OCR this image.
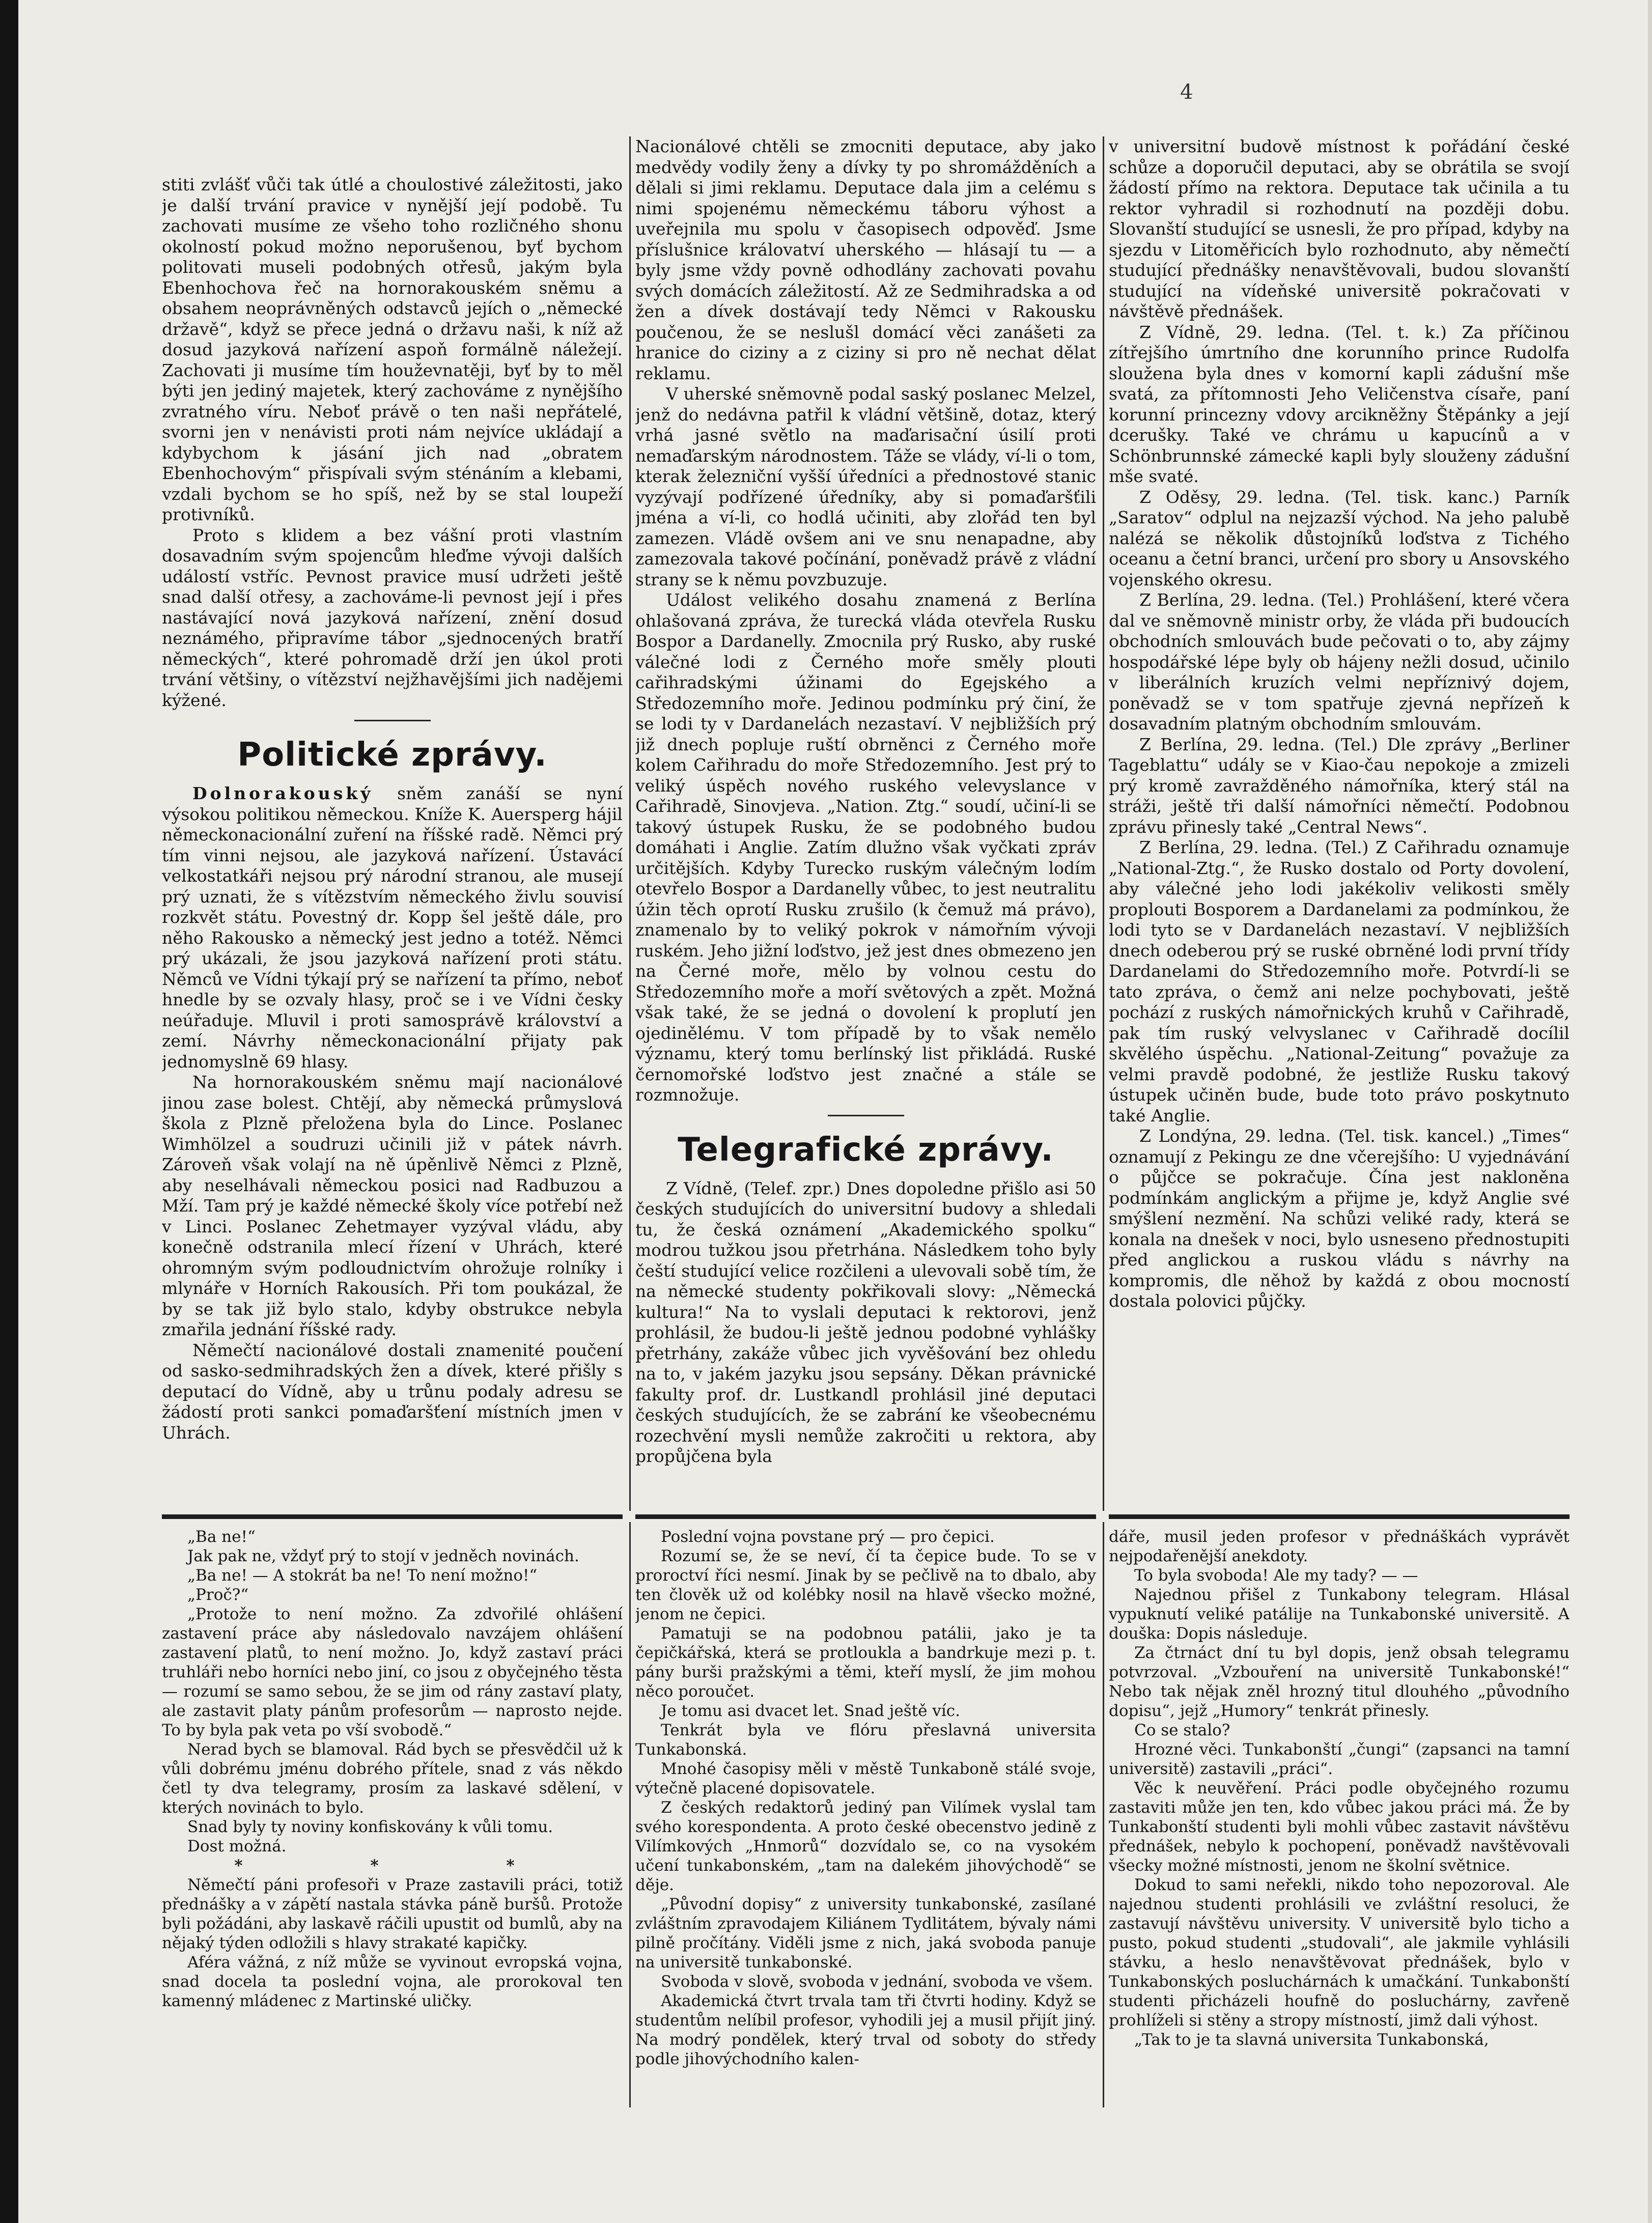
4

stiti zvlášť vůči tak útlé a choulostivé záležitosti, jako je další trvání pravice v nynější její podobě. Tu zachovati musíme ze všeho toho rozličného shonu okolností pokud možno neporušenou, byť bychom politovati museli podobných otřesů, jakým byla Ebenhochova řeč na hornorakouském sněmu a obsahem neoprávněných odstavců jejích o „německé državě“, když se přece jedná o državu naši, k níž až dosud jazyková nařízení aspoň formálně náležejí. Zachovati ji musíme tím houževnatěji, byť by to měl býti jen jediný majetek, který zachováme z nynějšího zvratného víru. Neboť právě o ten naši nepřátelé, svorni jen v nenávisti proti nám nejvíce ukládají a kdybychom k jásání jich nad „obratem Ebenhochovým“ přispívali svým sténáním a klebami, vzdali bychom se ho spíš, než by se stal loupeží protivníků.

Proto s klidem a bez vášní proti vlastním dosavadním svým spojencům hleďme vývoji dalších událostí vstříc. Pevnost pravice musí udržeti ještě snad další otřesy, a zachováme-li pevnost její i přes nastávající nová jazyková nařízení, znění dosud neznámého, připravíme tábor „sjednocených bratří německých“, které pohromadě drží jen úkol proti trvání většiny, o vítězství nejžhavějšími jich nadějemi kýžené.

Politické zprávy.

Dolnorakouský sněm zanáší se nyní výsokou politikou německou. Kníže K. Auersperg hájil německonacionální zuření na říšské radě. Němci prý tím vinni nejsou, ale jazyková nařízení. Ústavácí velkostatkáři nejsou prý národní stranou, ale musejí prý uznati, že s vítězstvím německého živlu souvisí rozkvět státu. Povestný dr. Kopp šel ještě dále, pro něho Rakousko a německý jest jedno a totéž. Němci prý ukázali, že jsou jazyková nařízení proti státu. Němců ve Vídni týkají prý se nařízení ta přímo, neboť hnedle by se ozvaly hlasy, proč se i ve Vídni česky neúřaduje. Mluvil i proti samosprávě království a zemí. Návrhy německonacionální přijaty pak jednomyslně 69 hlasy.

Na hornorakouském sněmu mají nacionálové jinou zase bolest. Chtějí, aby německá průmyslová škola z Plzně přeložena byla do Lince. Poslanec Wimhölzel a soudruzi učinili již v pátek návrh. Zároveň však volají na ně úpěnlivě Němci z Plzně, aby neselhávali německou posici nad Radbuzou a Mží. Tam prý je každé německé školy více potřebí než v Linci. Poslanec Zehetmayer vyzýval vládu, aby konečně odstranila mlecí řízení v Uhrách, které ohromným svým podloudnictvím ohrožuje rolníky i mlynáře v Horních Rakousích. Při tom poukázal, že by se tak již bylo stalo, kdyby obstrukce nebyla zmařila jednání říšské rady.

Němečtí nacionálové dostali znamenité poučení od sasko-sedmihradských žen a dívek, které přišly s deputací do Vídně, aby u trůnu podaly adresu se žádostí proti sankci pomaďaršťení místních jmen v Uhrách.

Nacionálové chtěli se zmocniti deputace, aby jako medvědy vodily ženy a dívky ty po shromážděních a dělali si jimi reklamu. Deputace dala jim a celému s nimi spojenému německému táboru výhost a uveřejnila mu spolu v časopisech odpověď. Jsme příslušnice královatví uherského — hlásají tu — a byly jsme vždy povně odhodlány zachovati povahu svých domácích záležitostí. Až ze Sedmihradska a od žen a dívek dostávají tedy Němci v Rakousku poučenou, že se neslušl domácí věci zanášeti za hranice do ciziny a z ciziny si pro ně nechat dělat reklamu.

V uherské sněmovně podal saský poslanec Melzel, jenž do nedávna patřil k vládní většině, dotaz, který vrhá jasné světlo na maďarisační úsilí proti nemaďarským národnostem. Táže se vlády, ví-li o tom, kterak železniční vyšší úředníci a přednostové stanic vyzývají podřízené úředníky, aby si pomaďaršťili jména a ví-li, co hodlá učiniti, aby zlořád ten byl zamezen. Vládě ovšem ani ve snu nenapadne, aby zamezovala takové počínání, poněvadž právě z vládní strany se k němu povzbuzuje.

Událost velikého dosahu znamená z Berlína ohlašovaná zpráva, že turecká vláda otevřela Rusku Bospor a Dardanelly. Zmocnila prý Rusko, aby ruské válečné lodi z Černého moře směly plouti cařihradskými úžinami do Egejského a Středozemního moře. Jedinou podmínku prý činí, že se lodi ty v Dardanelách nezastaví. V nejbližších prý již dnech popluje ruští obrněnci z Černého moře kolem Cařihradu do moře Středozemního. Jest prý to veliký úspěch nového ruského velevyslance v Cařihradě, Sinovjeva. „Nation. Ztg.“ soudí, učiní-li se takový ústupek Rusku, že se podobného budou domáhati i Anglie. Zatím dlužno však vyčkati zpráv určitějších. Kdyby Turecko ruským válečným lodím otevřelo Bospor a Dardanelly vůbec, to jest neutralitu úžin těch oprotí Rusku zrušilo (k čemuž má právo), znamenalo by to veliký pokrok v námořním vývoji ruském. Jeho jižní loďstvo, jež jest dnes obmezeno jen na Černé moře, mělo by volnou cestu do Středozemního moře a moří světových a zpět. Možná však také, že se jedná o dovolení k proplutí jen ojedinělému. V tom případě by to však nemělo významu, který tomu berlínský list přikládá. Ruské černomořské loďstvo jest značné a stále se rozmnožuje.

Telegrafické zprávy.

Z Vídně, (Telef. zpr.) Dnes dopoledne přišlo asi 50 českých studujících do universitní budovy a shledali tu, že česká oznámení „Akademického spolku“ modrou tužkou jsou přetrhána. Následkem toho byly čeští studující velice rozčileni a ulevovali sobě tím, že na německé studenty pokřikovali slovy: „Německá kultura!“ Na to vyslali deputaci k rektorovi, jenž prohlásil, že budou-li ještě jednou podobné vyhlášky přetrhány, zakáže vůbec jich vyvěšování bez ohledu na to, v jakém jazyku jsou sepsány. Děkan právnické fakulty prof. dr. Lustkandl prohlásil jiné deputaci českých studujících, že se zabrání ke všeobecnému rozechvění mysli nemůže zakročiti u rektora, aby propůjčena byla

v universitní budově místnost k pořádání české schůze a doporučil deputaci, aby se obrátila se svojí žádostí přímo na rektora. Deputace tak učinila a tu rektor vyhradil si rozhodnutí na později dobu. Slovanští studující se usnesli, že pro případ, kdyby na sjezdu v Litoměřicích bylo rozhodnuto, aby němečtí studující přednášky nenavštěvovali, budou slovanští studující na vídeňské universitě pokračovati v návštěvě přednášek.

Z Vídně, 29. ledna. (Tel. t. k.) Za příčinou zítřejšího úmrtního dne korunního prince Rudolfa sloužena byla dnes v komorní kapli zádušní mše svatá, za přítomnosti Jeho Veličenstva císaře, paní korunní princezny vdovy arcikněžny Štěpánky a její dcerušky. Také ve chrámu u kapucínů a v Schönbrunnské zámecké kapli byly slouženy zádušní mše svaté.

Z Oděsy, 29. ledna. (Tel. tisk. kanc.) Parník „Saratov“ odplul na nejzazší východ. Na jeho palubě nalézá se několik důstojníků loďstva z Tichého oceanu a četní branci, určení pro sbory u Ansovského vojenského okresu.

Z Berlína, 29. ledna. (Tel.) Prohlášení, které včera dal ve sněmovně ministr orby, že vláda při budoucích obchodních smlouvách bude pečovati o to, aby zájmy hospodářské lépe byly ob hájeny nežli dosud, učinilo v liberálních kruzích velmi nepříznivý dojem, poněvadž se v tom spatřuje zjevná nepřízeň k dosavadním platným obchodním smlouvám.

Z Berlína, 29. ledna. (Tel.) Dle zprávy „Berliner Tageblattu“ udály se v Kiao-čau nepokoje a zmizeli prý kromě zavražděného námořníka, který stál na stráži, ještě tři další námořníci němečtí. Podobnou zprávu přinesly také „Central News“.

Z Berlína, 29. ledna. (Tel.) Z Cařihradu oznamuje „National-Ztg.“, že Rusko dostalo od Porty dovolení, aby válečné jeho lodi jakékoliv velikosti směly proplouti Bosporem a Dardanelami za podmínkou, že lodi tyto se v Dardanelách nezastaví. V nejbližších dnech odeberou prý se ruské obrněné lodi první třídy Dardanelami do Středozemního moře. Potvrdí-li se tato zpráva, o čemž ani nelze pochybovati, ještě pochází z ruských námořnických kruhů v Cařihradě, pak tím ruský velvyslanec v Cařihradě docílil skvělého úspěchu. „National-Zeitung“ považuje za velmi pravdě podobné, že jestliže Rusku takový ústupek učiněn bude, bude toto právo poskytnuto také Anglie.

Z Londýna, 29. ledna. (Tel. tisk. kancel.) „Times“ oznamují z Pekingu ze dne včerejšího: U vyjednávání o půjčce se pokračuje. Čína jest nakloněna podmínkám anglickým a přijme je, když Anglie své smýšlení nezmění. Na schůzi veliké rady, která se konala na dnešek v noci, bylo usneseno přednostupiti před anglickou a ruskou vládu s návrhy na kompromis, dle něhož by každá z obou mocností dostala polovici půjčky.

„Ba ne!“

Jak pak ne, vždyť prý to stojí v jedněch novinách.

„Ba ne! — A stokrát ba ne! To není možno!“

„Proč?“

„Protože to není možno. Za zdvořilé ohlášení zastavení práce aby následovalo navzájem ohlášení zastavení platů, to není možno. Jo, když zastaví práci truhláři nebo horníci nebo jiní, co jsou z obyčejného těsta — rozumí se samo sebou, že se jim od rány zastaví platy, ale zastavit platy pánům profesorům — naprosto nejde. To by byla pak veta po vší svobodě.“

Nerad bych se blamoval. Rád bych se přesvědčil už k vůli dobrému jménu dobrého přítele, snad z vás někdo četl ty dva telegramy, prosím za laskavé sdělení, v kterých novinách to bylo.

Snad byly ty noviny konfiskovány k vůli tomu.

Dost možná.

* * *

Němečtí páni profesoři v Praze zastavili práci, totiž přednášky a v zápětí nastala stávka páně buršů. Protože byli požádáni, aby laskavě ráčili upustit od bumlů, aby na nějaký týden odložili s hlavy strakaté kapičky.

Aféra vážná, z níž může se vyvinout evropská vojna, snad docela ta poslední vojna, ale prorokoval ten kamenný mládenec z Martinské uličky.

Poslední vojna povstane prý — pro čepici.

Rozumí se, že se neví, čí ta čepice bude. To se v proroctví říci nesmí. Jinak by se pečlivě na to dbalo, aby ten člověk už od kolébky nosil na hlavě všecko možné, jenom ne čepici.

Pamatuji se na podobnou patálii, jako je ta čepičkářská, která se protloukla a bandrkuje mezi p. t. pány burši pražskými a těmi, kteří myslí, že jim mohou něco poroučet.

Je tomu asi dvacet let. Snad ještě víc.

Tenkrát byla ve flóru přeslavná universita Tunkabonská.

Mnohé časopisy měli v městě Tunkaboně stálé svoje, výtečně placené dopisovatele.

Z českých redaktorů jediný pan Vilímek vyslal tam svého korespondenta. A proto české obecenstvo jedině z Vilímkových „Hnmorů“ dozvídalo se, co na vysokém učení tunkabonském, „tam na dalekém jihovýchodě“ se děje.

„Původní dopisy“ z university tunkabonské, zasílané zvláštním zpravodajem Kiliánem Tydlitátem, bývaly námi pilně pročítány. Viděli jsme z nich, jaká svoboda panuje na universitě tunkabonské.

Svoboda v slově, svoboda v jednání, svoboda ve všem.

Akademická čtvrt trvala tam tři čtvrti hodiny. Když se studentům nelíbil profesor, vyhodili jej a musil přijít jiný. Na modrý pondělek, který trval od soboty do středy podle jihovýchodního kalen-

dáře, musil jeden profesor v přednáškách vyprávět nejpodařenější anekdoty.

To byla svoboda! Ale my tady? — —

Najednou přišel z Tunkabony telegram. Hlásal vypuknutí veliké patálije na Tunkabonské universitě. A douška: Dopis následuje.

Za čtrnáct dní tu byl dopis, jenž obsah telegramu potvrzoval. „Vzbouření na universitě Tunkabonské!“ Nebo tak nějak zněl hrozný titul dlouhého „původního dopisu“, jejž „Humory“ tenkrát přinesly.

Co se stalo?

Hrozné věci. Tunkabonští „čungi“ (zapsanci na tamní universitě) zastavili „práci“.

Věc k neuvěření. Práci podle obyčejného rozumu zastaviti může jen ten, kdo vůbec jakou práci má. Že by Tunkabonští studenti byli mohli vůbec zastavit návštěvu přednášek, nebylo k pochopení, poněvadž navštěvovali všecky možné místnosti, jenom ne školní světnice.

Dokud to sami neřekli, nikdo toho nepozoroval. Ale najednou studenti prohlásili ve zvláštní resoluci, že zastavují návštěvu university. V universitě bylo ticho a pusto, pokud studenti „studovali“, ale jakmile vyhlásili stávku, a heslo nenavštěvovat přednášek, bylo v Tunkabonských posluchárnách k umačkání. Tunkabonští studenti přicházeli houfně do posluchárny, zavřeně prohlíželi si stěny a stropy místností, jimž dali výhost.

„Tak to je ta slavná universita Tunkabonská,
